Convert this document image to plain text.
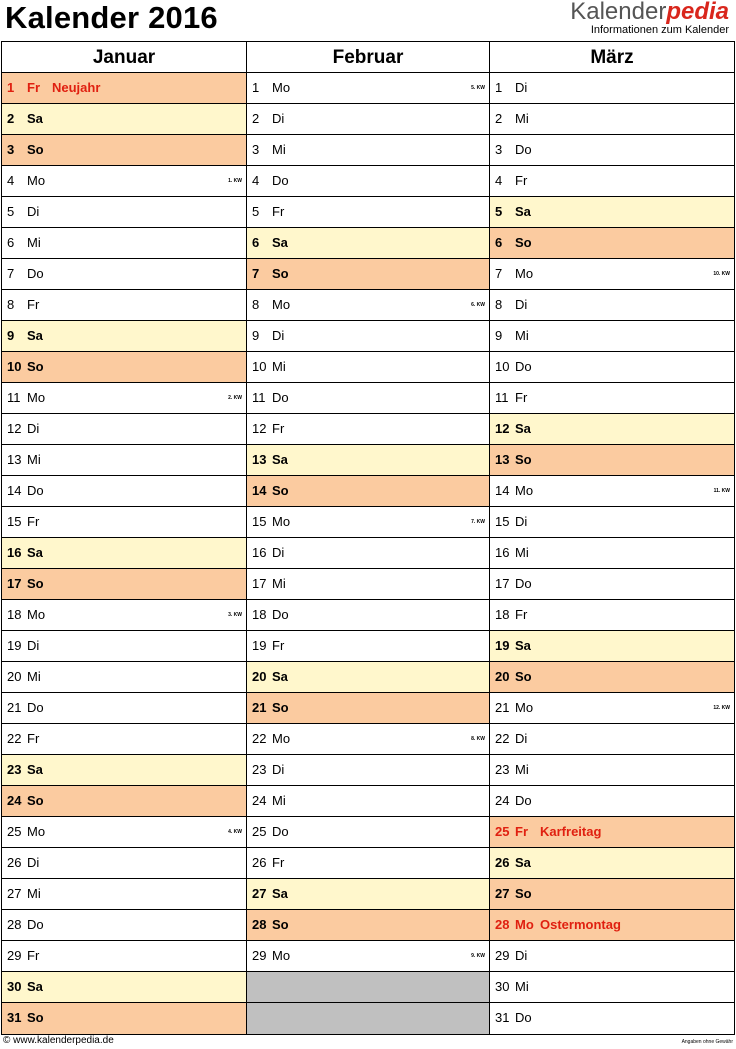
Kalender 2016	Kalenderpedia
Informationen zum Kalender
Januar
1 Fr Neujahr
2 Sa
3 So
4 Mo	1. KW
5 Di
6 Mi
7 Do
8 Fr
9 Sa
10 So
11 Mo	2. KW
12 Di
13 Mi
14 Do
15 Fr
16 Sa
17 So
18 Mo	3. KW
19 Di
20 Mi
21 Do
22 Fr
23 Sa
24 So
25 Mo	4. KW
26 Di
27 Mi
28 Do
29 Fr
30 Sa
31 So
Februar
1 Mo	5. KW
2 Di
3 Mi
4 Do
5 Fr
6 Sa
7 So
8 Mo	6. KW
9 Di
10 Mi
11 Do
12 Fr
13 Sa
14 So
15 Mo	7. KW
16 Di
17 Mi
18 Do
19 Fr
20 Sa
21 So
22 Mo	8. KW
23 Di
24 Mi
25 Do
26 Fr
27 Sa
28 So
29 Mo	9. KW
März
1 Di
2 Mi
3 Do
4 Fr
5 Sa
6 So
7 Mo	10. KW
8 Di
9 Mi
10 Do
11 Fr
12 Sa
13 So
14 Mo	11. KW
15 Di
16 Mi
17 Do
18 Fr
19 Sa
20 So
21 Mo	12. KW
22 Di
23 Mi
24 Do
25 Fr Karfreitag
26 Sa
27 So
28 Mo Ostermontag
29 Di
30 Mi
31 Do
© www.kalenderpedia.de	Angaben ohne Gewähr
